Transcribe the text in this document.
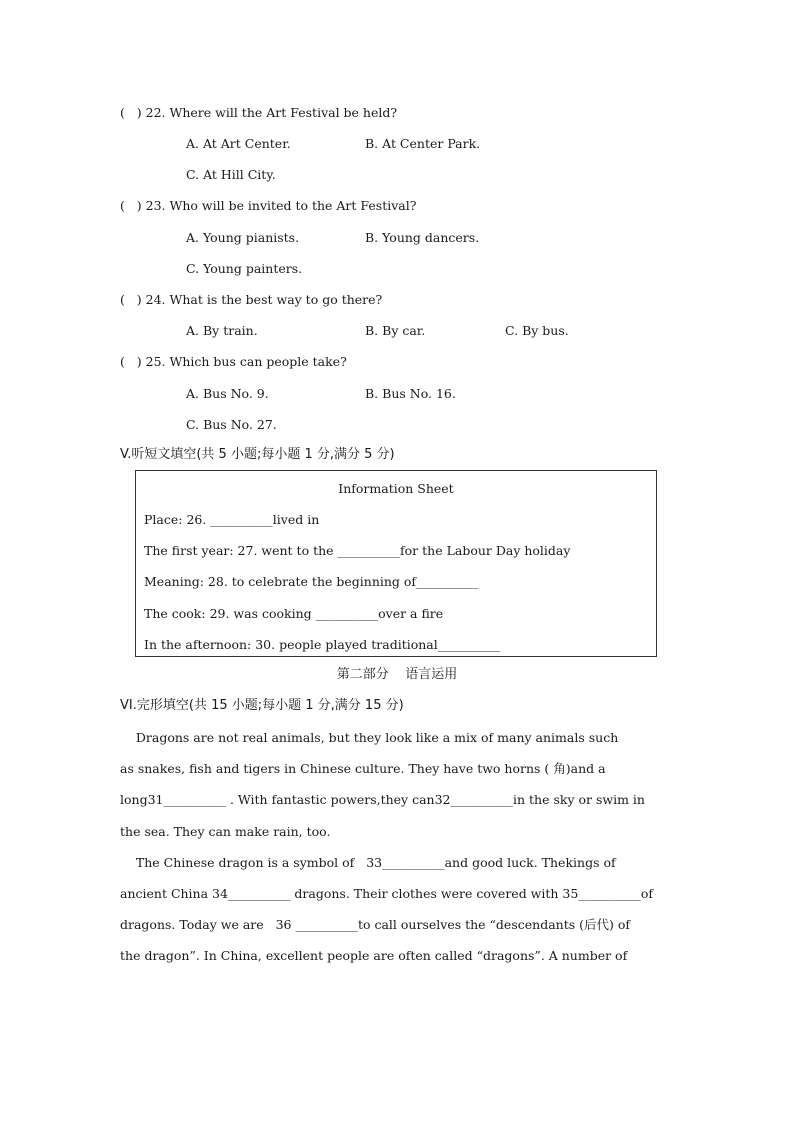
(   ) 22. Where will the Art Festival be held?
A. At Art Center.	B. At Center Park.
C. At Hill City.
(   ) 23. Who will be invited to the Art Festival?
A. Young pianists.	B. Young dancers.
C. Young painters.
(   ) 24. What is the best way to go there?
A. By train.	B. By car.	C. By bus.
(   ) 25. Which bus can people take?
A. Bus No. 9.	B. Bus No. 16.
C. Bus No. 27.
V.听短文填空(共 5 小题;每小题 1 分,满分 5 分)
Information Sheet
Place: 26. __________lived in
The first year: 27. went to the __________for the Labour Day holiday
Meaning: 28. to celebrate the beginning of__________
The cook: 29. was cooking __________over a fire
In the afternoon: 30. people played traditional__________
第二部分    语言运用
VI.完形填空(共 15 小题;每小题 1 分,满分 15 分)
Dragons are not real animals, but they look like a mix of many animals such
as snakes, fish and tigers in Chinese culture. They have two horns ( 角)and a
long31__________ . With fantastic powers,they can32__________in the sky or swim in
the sea. They can make rain, too.
The Chinese dragon is a symbol of   33__________and good luck. Thekings of
ancient China 34__________ dragons. Their clothes were covered with 35__________of
dragons. Today we are   36 __________to call ourselves the “descendants (后代) of
the dragon”. In China, excellent people are often called “dragons”. A number of
